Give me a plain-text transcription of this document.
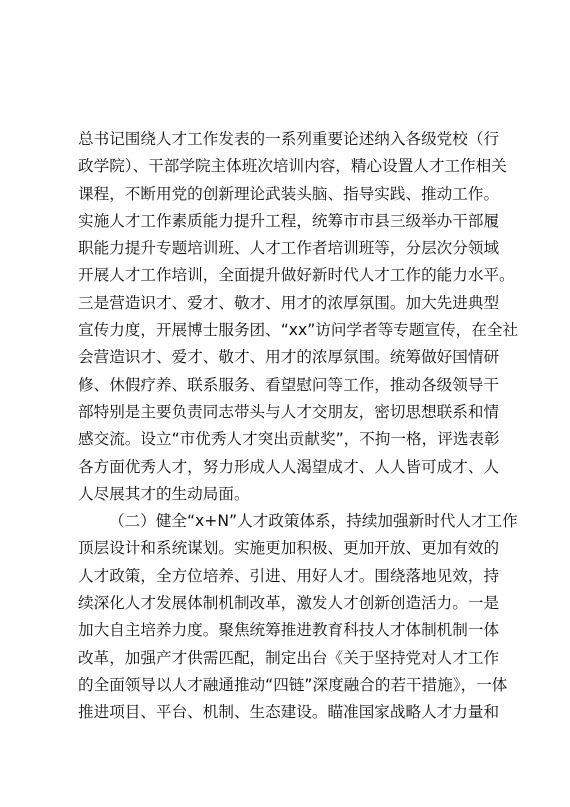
总书记围绕人才工作发表的一系列重要论述纳入各级党校（行
政学院）、干部学院主体班次培训内容，精心设置人才工作相关
课程，不断用党的创新理论武装头脑、指导实践、推动工作。
实施人才工作素质能力提升工程，统筹市市县三级举办干部履
职能力提升专题培训班、人才工作者培训班等，分层次分领域
开展人才工作培训，全面提升做好新时代人才工作的能力水平。
三是营造识才、爱才、敬才、用才的浓厚氛围。加大先进典型
宣传力度，开展博士服务团、“xx”访问学者等专题宣传，在全社
会营造识才、爱才、敬才、用才的浓厚氛围。统筹做好国情研
修、休假疗养、联系服务、看望慰问等工作，推动各级领导干
部特别是主要负责同志带头与人才交朋友，密切思想联系和情
感交流。设立“市优秀人才突出贡献奖”，不拘一格，评选表彰
各方面优秀人才，努力形成人人渴望成才、人人皆可成才、人
人尽展其才的生动局面。
（二）健全“x+N”人才政策体系，持续加强新时代人才工作
顶层设计和系统谋划。实施更加积极、更加开放、更加有效的
人才政策，全方位培养、引进、用好人才。围绕落地见效，持
续深化人才发展体制机制改革，激发人才创新创造活力。一是
加大自主培养力度。聚焦统筹推进教育科技人才体制机制一体
改革，加强产才供需匹配，制定出台《关于坚持党对人才工作
的全面领导以人才融通推动“四链”深度融合的若干措施》，一体
推进项目、平台、机制、生态建设。瞄准国家战略人才力量和
